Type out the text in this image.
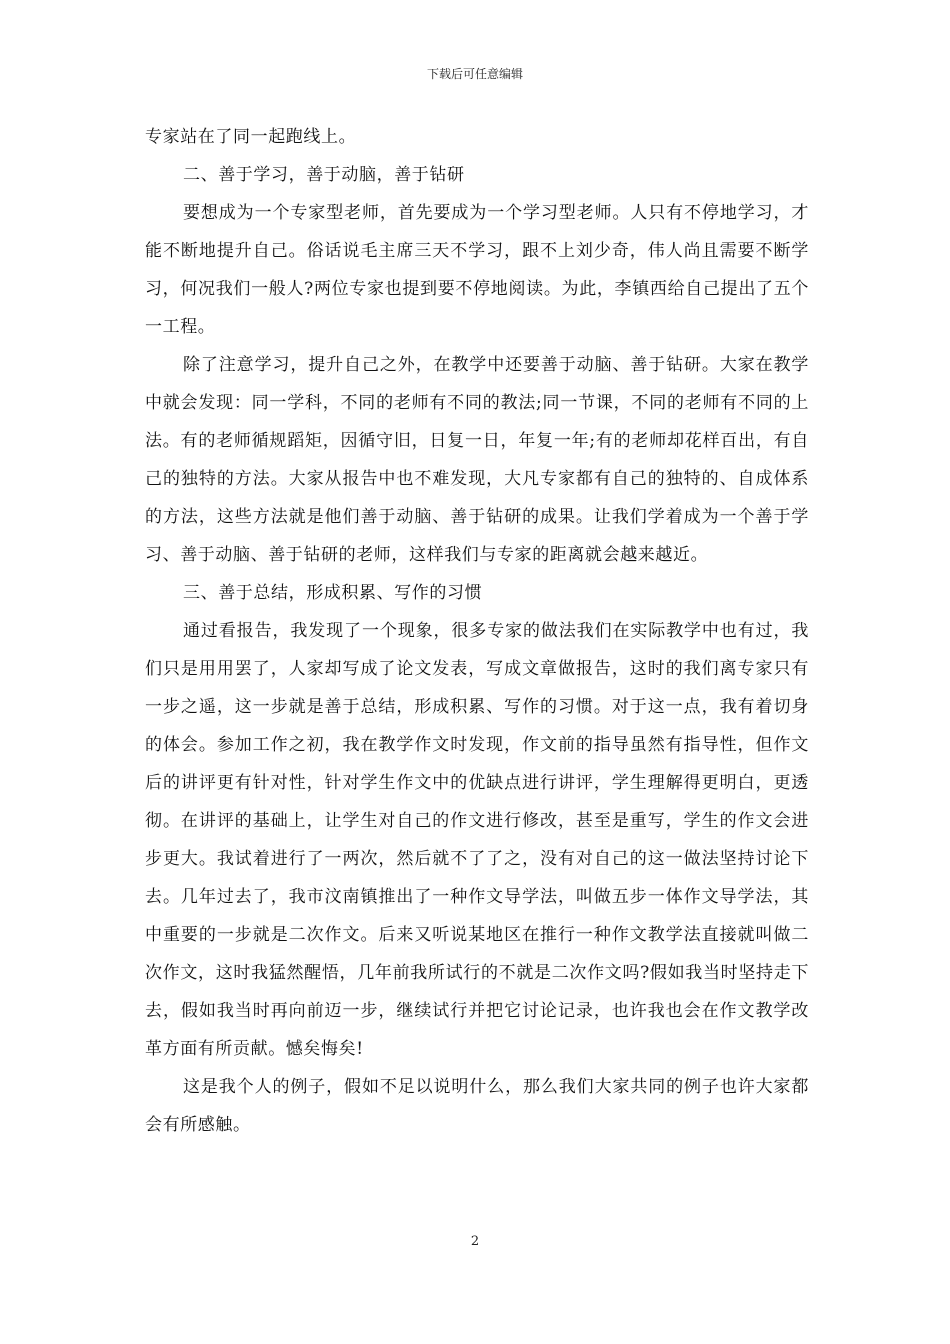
下载后可任意编辑

专家站在了同一起跑线上。

二、善于学习，善于动脑，善于钻研

要想成为一个专家型老师，首先要成为一个学习型老师。人只有不停地学习，才能不断地提升自己。俗话说毛主席三天不学习，跟不上刘少奇，伟人尚且需要不断学习，何况我们一般人?两位专家也提到要不停地阅读。为此，李镇西给自己提出了五个一工程。

除了注意学习，提升自己之外，在教学中还要善于动脑、善于钻研。大家在教学中就会发现：同一学科，不同的老师有不同的教法;同一节课，不同的老师有不同的上法。有的老师循规蹈矩，因循守旧，日复一日，年复一年;有的老师却花样百出，有自己的独特的方法。大家从报告中也不难发现，大凡专家都有自己的独特的、自成体系的方法，这些方法就是他们善于动脑、善于钻研的成果。让我们学着成为一个善于学习、善于动脑、善于钻研的老师，这样我们与专家的距离就会越来越近。

三、善于总结，形成积累、写作的习惯

通过看报告，我发现了一个现象，很多专家的做法我们在实际教学中也有过，我们只是用用罢了，人家却写成了论文发表，写成文章做报告，这时的我们离专家只有一步之遥，这一步就是善于总结，形成积累、写作的习惯。对于这一点，我有着切身的体会。参加工作之初，我在教学作文时发现，作文前的指导虽然有指导性，但作文后的讲评更有针对性，针对学生作文中的优缺点进行讲评，学生理解得更明白，更透彻。在讲评的基础上，让学生对自己的作文进行修改，甚至是重写，学生的作文会进步更大。我试着进行了一两次，然后就不了了之，没有对自己的这一做法坚持讨论下去。几年过去了，我市汶南镇推出了一种作文导学法，叫做五步一体作文导学法，其中重要的一步就是二次作文。后来又听说某地区在推行一种作文教学法直接就叫做二次作文，这时我猛然醒悟，几年前我所试行的不就是二次作文吗?假如我当时坚持走下去，假如我当时再向前迈一步，继续试行并把它讨论记录，也许我也会在作文教学改革方面有所贡献。憾矣悔矣!

这是我个人的例子，假如不足以说明什么，那么我们大家共同的例子也许大家都会有所感触。

2
